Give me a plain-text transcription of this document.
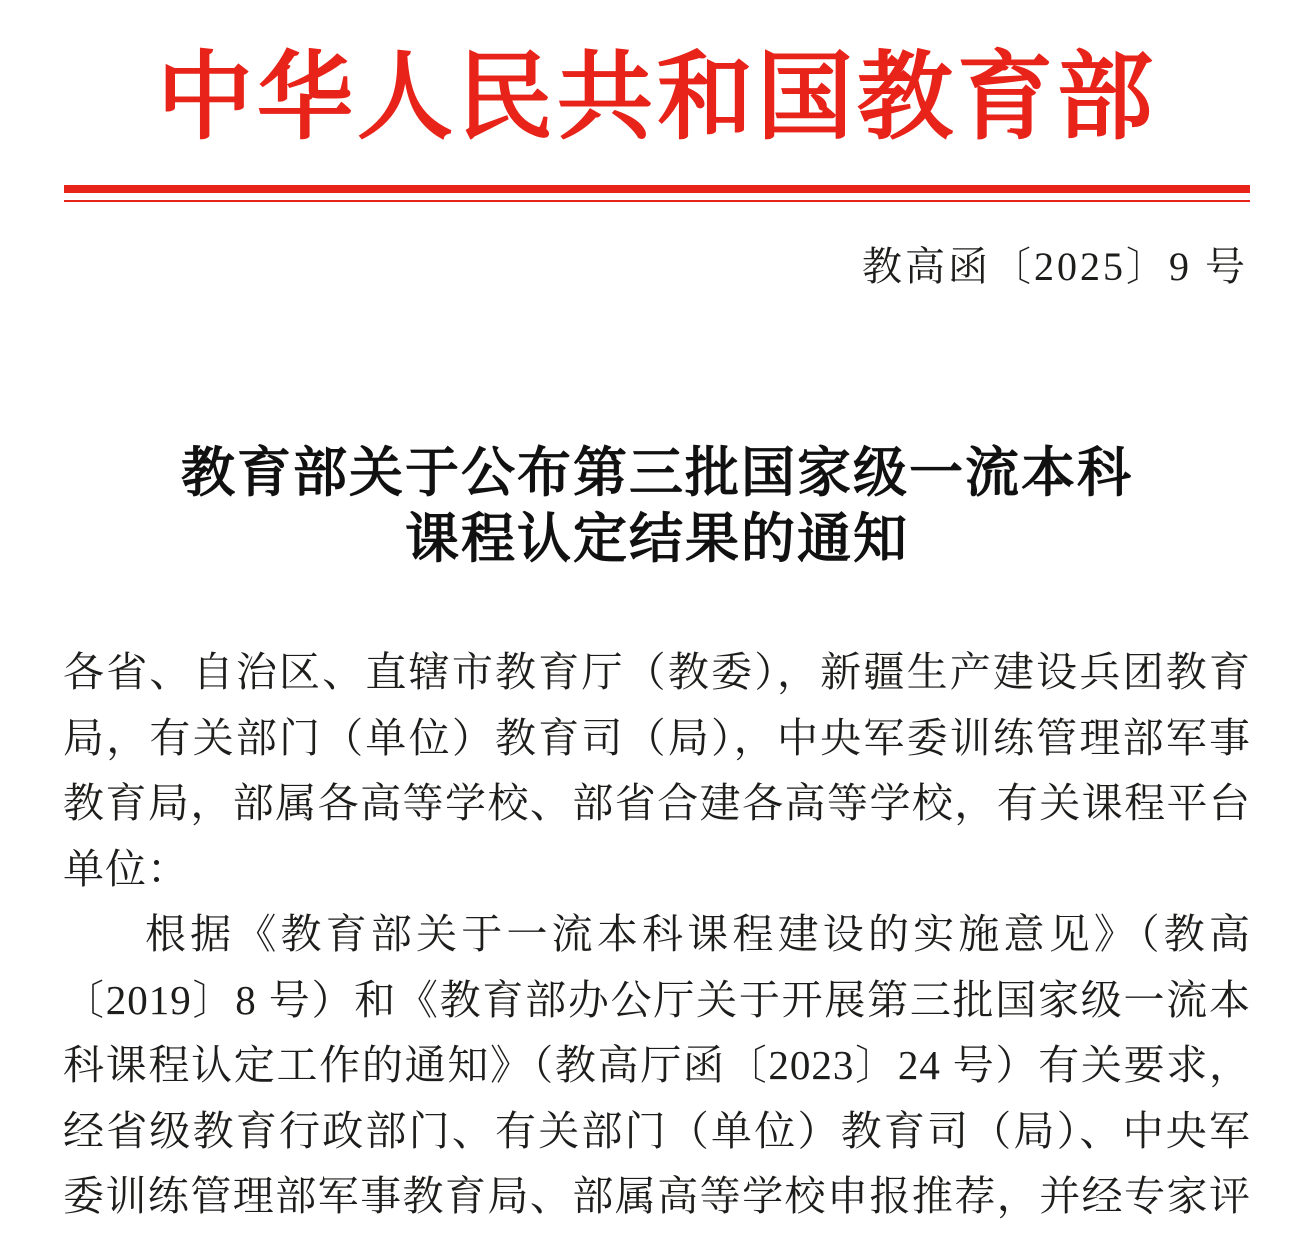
中华人民共和国教育部
教高函〔2025〕9 号
教育部关于公布第三批国家级一流本科
课程认定结果的通知
各省、自治区、直辖市教育厅（教委），新疆生产建设兵团教育
局，有关部门（单位）教育司（局），中央军委训练管理部军事
教育局，部属各高等学校、部省合建各高等学校，有关课程平台
单位：
根据《教育部关于一流本科课程建设的实施意见》（教高
〔2019〕8 号）和《教育部办公厅关于开展第三批国家级一流本
科课程认定工作的通知》（教高厅函〔2023〕24 号）有关要求，
经省级教育行政部门、有关部门（单位）教育司（局）、中央军
委训练管理部军事教育局、部属高等学校申报推荐，并经专家评
